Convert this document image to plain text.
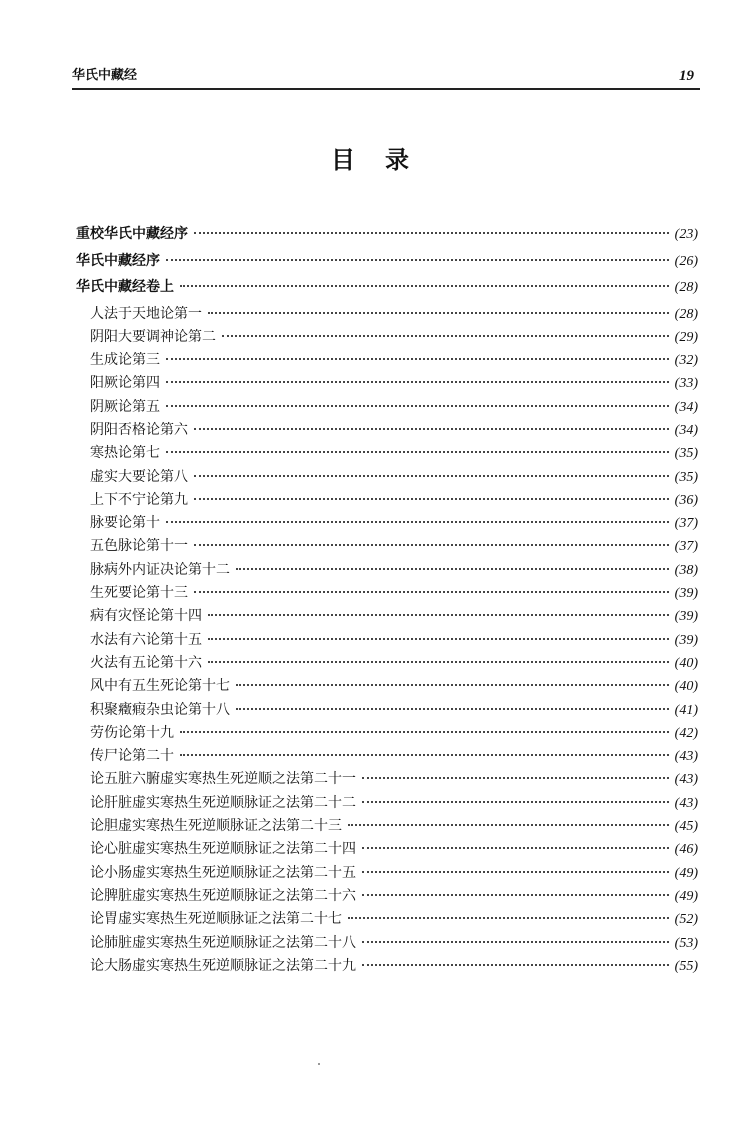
华氏中藏经	19
目录
重校华氏中藏经序	(23)
华氏中藏经序	(26)
华氏中藏经卷上	(28)
人法于天地论第一	(28)
阴阳大要调神论第二	(29)
生成论第三	(32)
阳厥论第四	(33)
阴厥论第五	(34)
阴阳否格论第六	(34)
寒热论第七	(35)
虚实大要论第八	(35)
上下不宁论第九	(36)
脉要论第十	(37)
五色脉论第十一	(37)
脉病外内证决论第十二	(38)
生死要论第十三	(39)
病有灾怪论第十四	(39)
水法有六论第十五	(39)
火法有五论第十六	(40)
风中有五生死论第十七	(40)
积聚癥瘕杂虫论第十八	(41)
劳伤论第十九	(42)
传尸论第二十	(43)
论五脏六腑虚实寒热生死逆顺之法第二十一	(43)
论肝脏虚实寒热生死逆顺脉证之法第二十二	(43)
论胆虚实寒热生死逆顺脉证之法第二十三	(45)
论心脏虚实寒热生死逆顺脉证之法第二十四	(46)
论小肠虚实寒热生死逆顺脉证之法第二十五	(49)
论脾脏虚实寒热生死逆顺脉证之法第二十六	(49)
论胃虚实寒热生死逆顺脉证之法第二十七	(52)
论肺脏虚实寒热生死逆顺脉证之法第二十八	(53)
论大肠虚实寒热生死逆顺脉证之法第二十九	(55)
